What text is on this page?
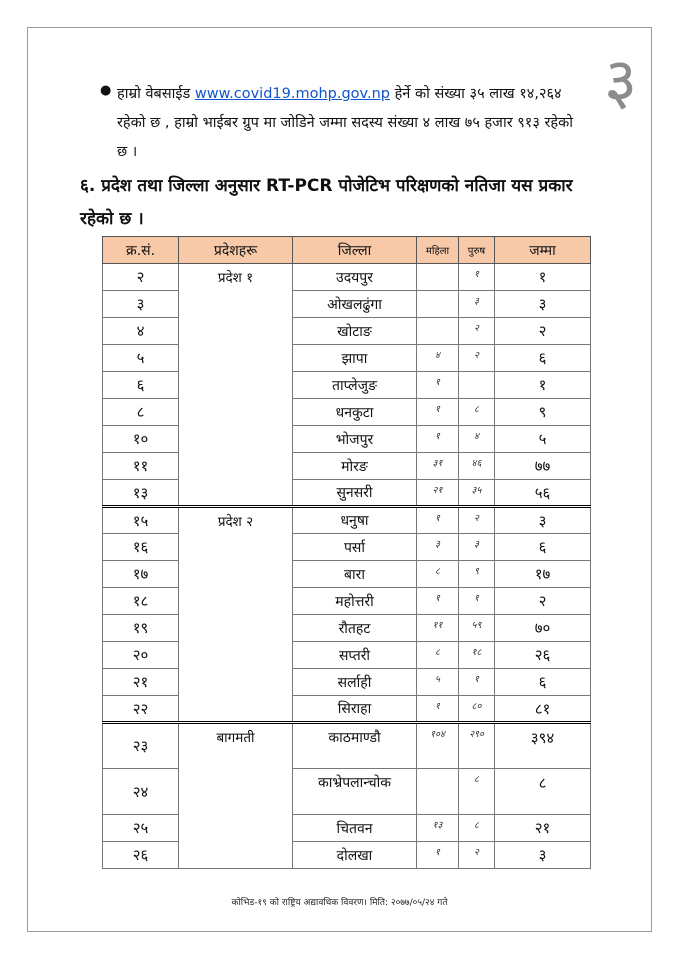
३
● हाम्रो वेबसाईड www.covid19.mohp.gov.np हेर्ने को संख्या ३५ लाख १४,२६४ रहेको छ , हाम्रो भाईबर ग्रुप मा जोडिने जम्मा सदस्य संख्या ४ लाख ७५ हजार ९१३ रहेको छ ।
६. प्रदेश तथा जिल्ला अनुसार RT-PCR पोजेटिभ परिक्षणको नतिजा यस प्रकार रहेको छ ।
क्र.सं.	प्रदेशहरू	जिल्ला	महिला	पुरुष	जम्मा
२	प्रदेश १	उदयपुर		१	१
३		ओखलढुंगा		३	३
४		खोटाङ		२	२
५		झापा	४	२	६
६		ताप्लेजुङ	१		१
८		धनकुटा	१	८	९
१०		भोजपुर	१	४	५
११		मोरङ	३१	४६	७७
१३		सुनसरी	२१	३५	५६
१५	प्रदेश २	धनुषा	१	२	३
१६		पर्सा	३	३	६
१७		बारा	८	९	१७
१८		महोत्तरी	१	१	२
१९		रौतहट	११	५९	७०
२०		सप्तरी	८	१८	२६
२१		सर्लाही	५	१	६
२२		सिराहा	१	८०	८१
२३	बागमती	काठमाण्डौ	१०४	२९०	३९४
२४		काभ्रेपलान्चोक		८	८
२५		चितवन	१३	८	२१
२६		दोलखा	१	२	३
कोभिड-१९ को राष्ट्रिय अद्यावधिक विवरण। मिति: २०७७/०५/२४ गते
